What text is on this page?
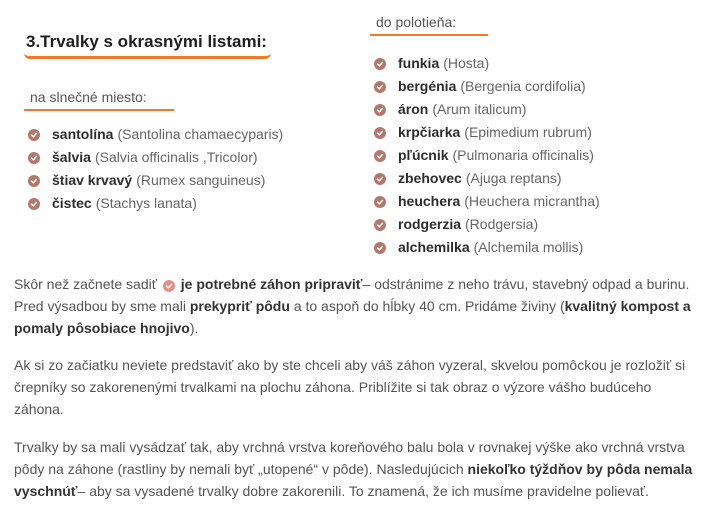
3.Trvalky s okrasnými listami:
na slnečné miesto:
santolína (Santolina chamaecyparis)
šalvia (Salvia officinalis ,Tricolor)
štiav krvavý (Rumex sanguineus)
čistec (Stachys lanata)
do polotieňa:
funkia (Hosta)
bergénia (Bergenia cordifolia)
áron (Arum italicum)
krpčiarka (Epimedium rubrum)
pľúcnik (Pulmonaria officinalis)
zbehovec (Ajuga reptans)
heuchera (Heuchera micrantha)
rodgerzia (Rodgersia)
alchemilka (Alchemila mollis)

Skôr než začnete sadiť je potrebné záhon pripraviť– odstránime z neho trávu, stavebný odpad a burinu. Pred výsadbou by sme mali prekypriť pôdu a to aspoň do hĺbky 40 cm. Pridáme živiny (kvalitný kompost a pomaly pôsobiace hnojivo).

Ak si zo začiatku neviete predstaviť ako by ste chceli aby váš záhon vyzeral, skvelou pomôckou je rozložiť si črepníky so zakorenenými trvalkami na plochu záhona. Priblížite si tak obraz o výzore vášho budúceho záhona.

Trvalky by sa mali vysádzať tak, aby vrchná vrstva koreňového balu bola v rovnakej výške ako vrchná vrstva pôdy na záhone (rastliny by nemali byť „utopené“ v pôde). Nasledujúcich niekoľko týždňov by pôda nemala vyschnúť– aby sa vysadené trvalky dobre zakorenili. To znamená, že ich musíme pravidelne polievať.
